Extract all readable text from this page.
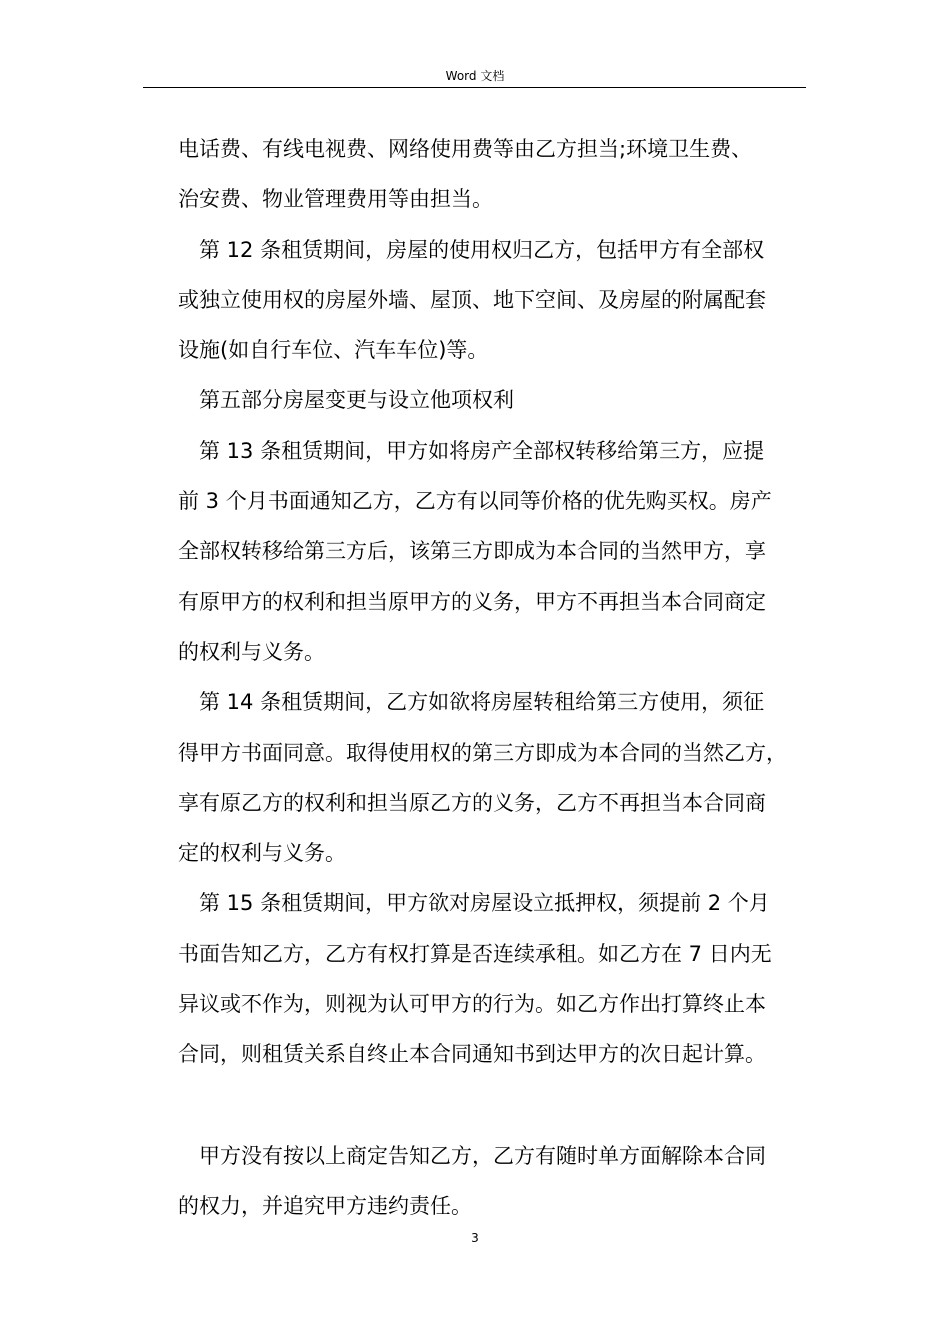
Word 文档
电话费、有线电视费、网络使用费等由乙方担当;环境卫生费、
治安费、物业管理费用等由担当。
第 12 条租赁期间，房屋的使用权归乙方，包括甲方有全部权
或独立使用权的房屋外墙、屋顶、地下空间、及房屋的附属配套
设施(如自行车位、汽车车位)等。
第五部分房屋变更与设立他项权利
第 13 条租赁期间，甲方如将房产全部权转移给第三方，应提
前 3 个月书面通知乙方，乙方有以同等价格的优先购买权。房产
全部权转移给第三方后，该第三方即成为本合同的当然甲方，享
有原甲方的权利和担当原甲方的义务，甲方不再担当本合同商定
的权利与义务。
第 14 条租赁期间，乙方如欲将房屋转租给第三方使用，须征
得甲方书面同意。取得使用权的第三方即成为本合同的当然乙方，
享有原乙方的权利和担当原乙方的义务，乙方不再担当本合同商
定的权利与义务。
第 15 条租赁期间，甲方欲对房屋设立抵押权，须提前 2 个月
书面告知乙方，乙方有权打算是否连续承租。如乙方在 7 日内无
异议或不作为，则视为认可甲方的行为。如乙方作出打算终止本
合同，则租赁关系自终止本合同通知书到达甲方的次日起计算。
甲方没有按以上商定告知乙方，乙方有随时单方面解除本合同
的权力，并追究甲方违约责任。
3
